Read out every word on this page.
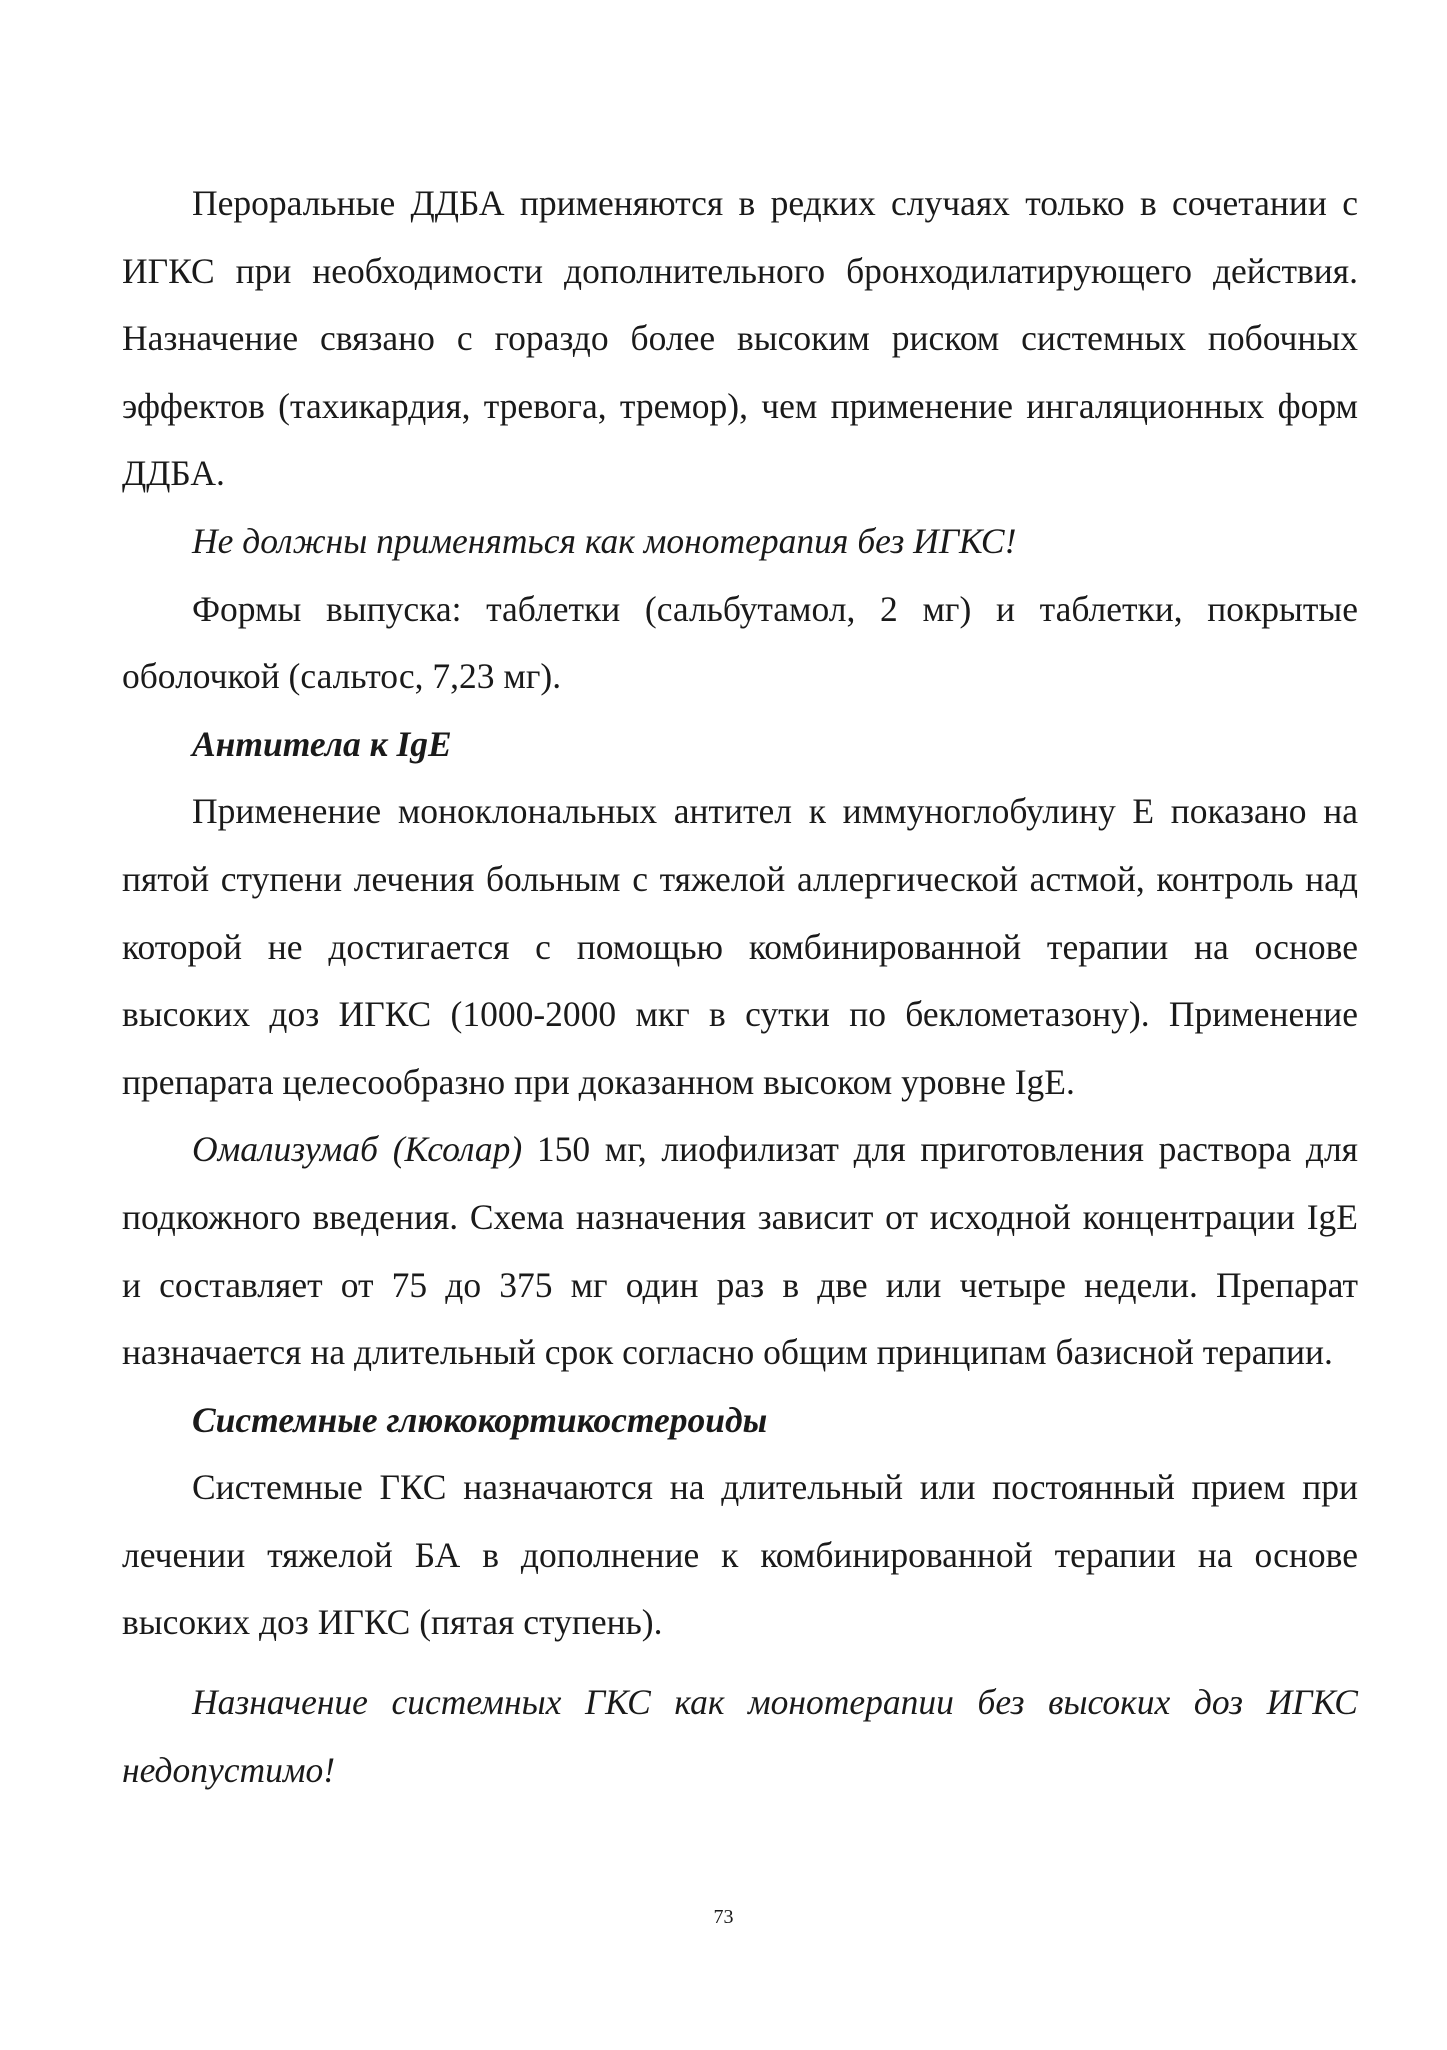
Пероральные ДДБА применяются в редких случаях только в сочетании с ИГКС при необходимости дополнительного бронходилатирующего действия. Назначение связано с гораздо более высоким риском системных побочных эффектов (тахикардия, тревога, тремор), чем применение ингаляционных форм ДДБА.

Не должны применяться как монотерапия без ИГКС!

Формы выпуска: таблетки (сальбутамол, 2 мг) и таблетки, покрытые оболочкой (сальтос, 7,23 мг).

Антитела к IgE

Применение моноклональных антител к иммуноглобулину E показано на пятой ступени лечения больным с тяжелой аллергической астмой, контроль над которой не достигается с помощью комбинированной терапии на основе высоких доз ИГКС (1000-2000 мкг в сутки по беклометазону). Применение препарата целесообразно при доказанном высоком уровне IgE.

Омализумаб (Ксолар) 150 мг, лиофилизат для приготовления раствора для подкожного введения. Схема назначения зависит от исходной концентрации IgE и составляет от 75 до 375 мг один раз в две или четыре недели. Препарат назначается на длительный срок согласно общим принципам базисной терапии.

Системные глюкокортикостероиды

Системные ГКС назначаются на длительный или постоянный прием при лечении тяжелой БА в дополнение к комбинированной терапии на основе высоких доз ИГКС (пятая ступень).

Назначение системных ГКС как монотерапии без высоких доз ИГКС недопустимо!

73
